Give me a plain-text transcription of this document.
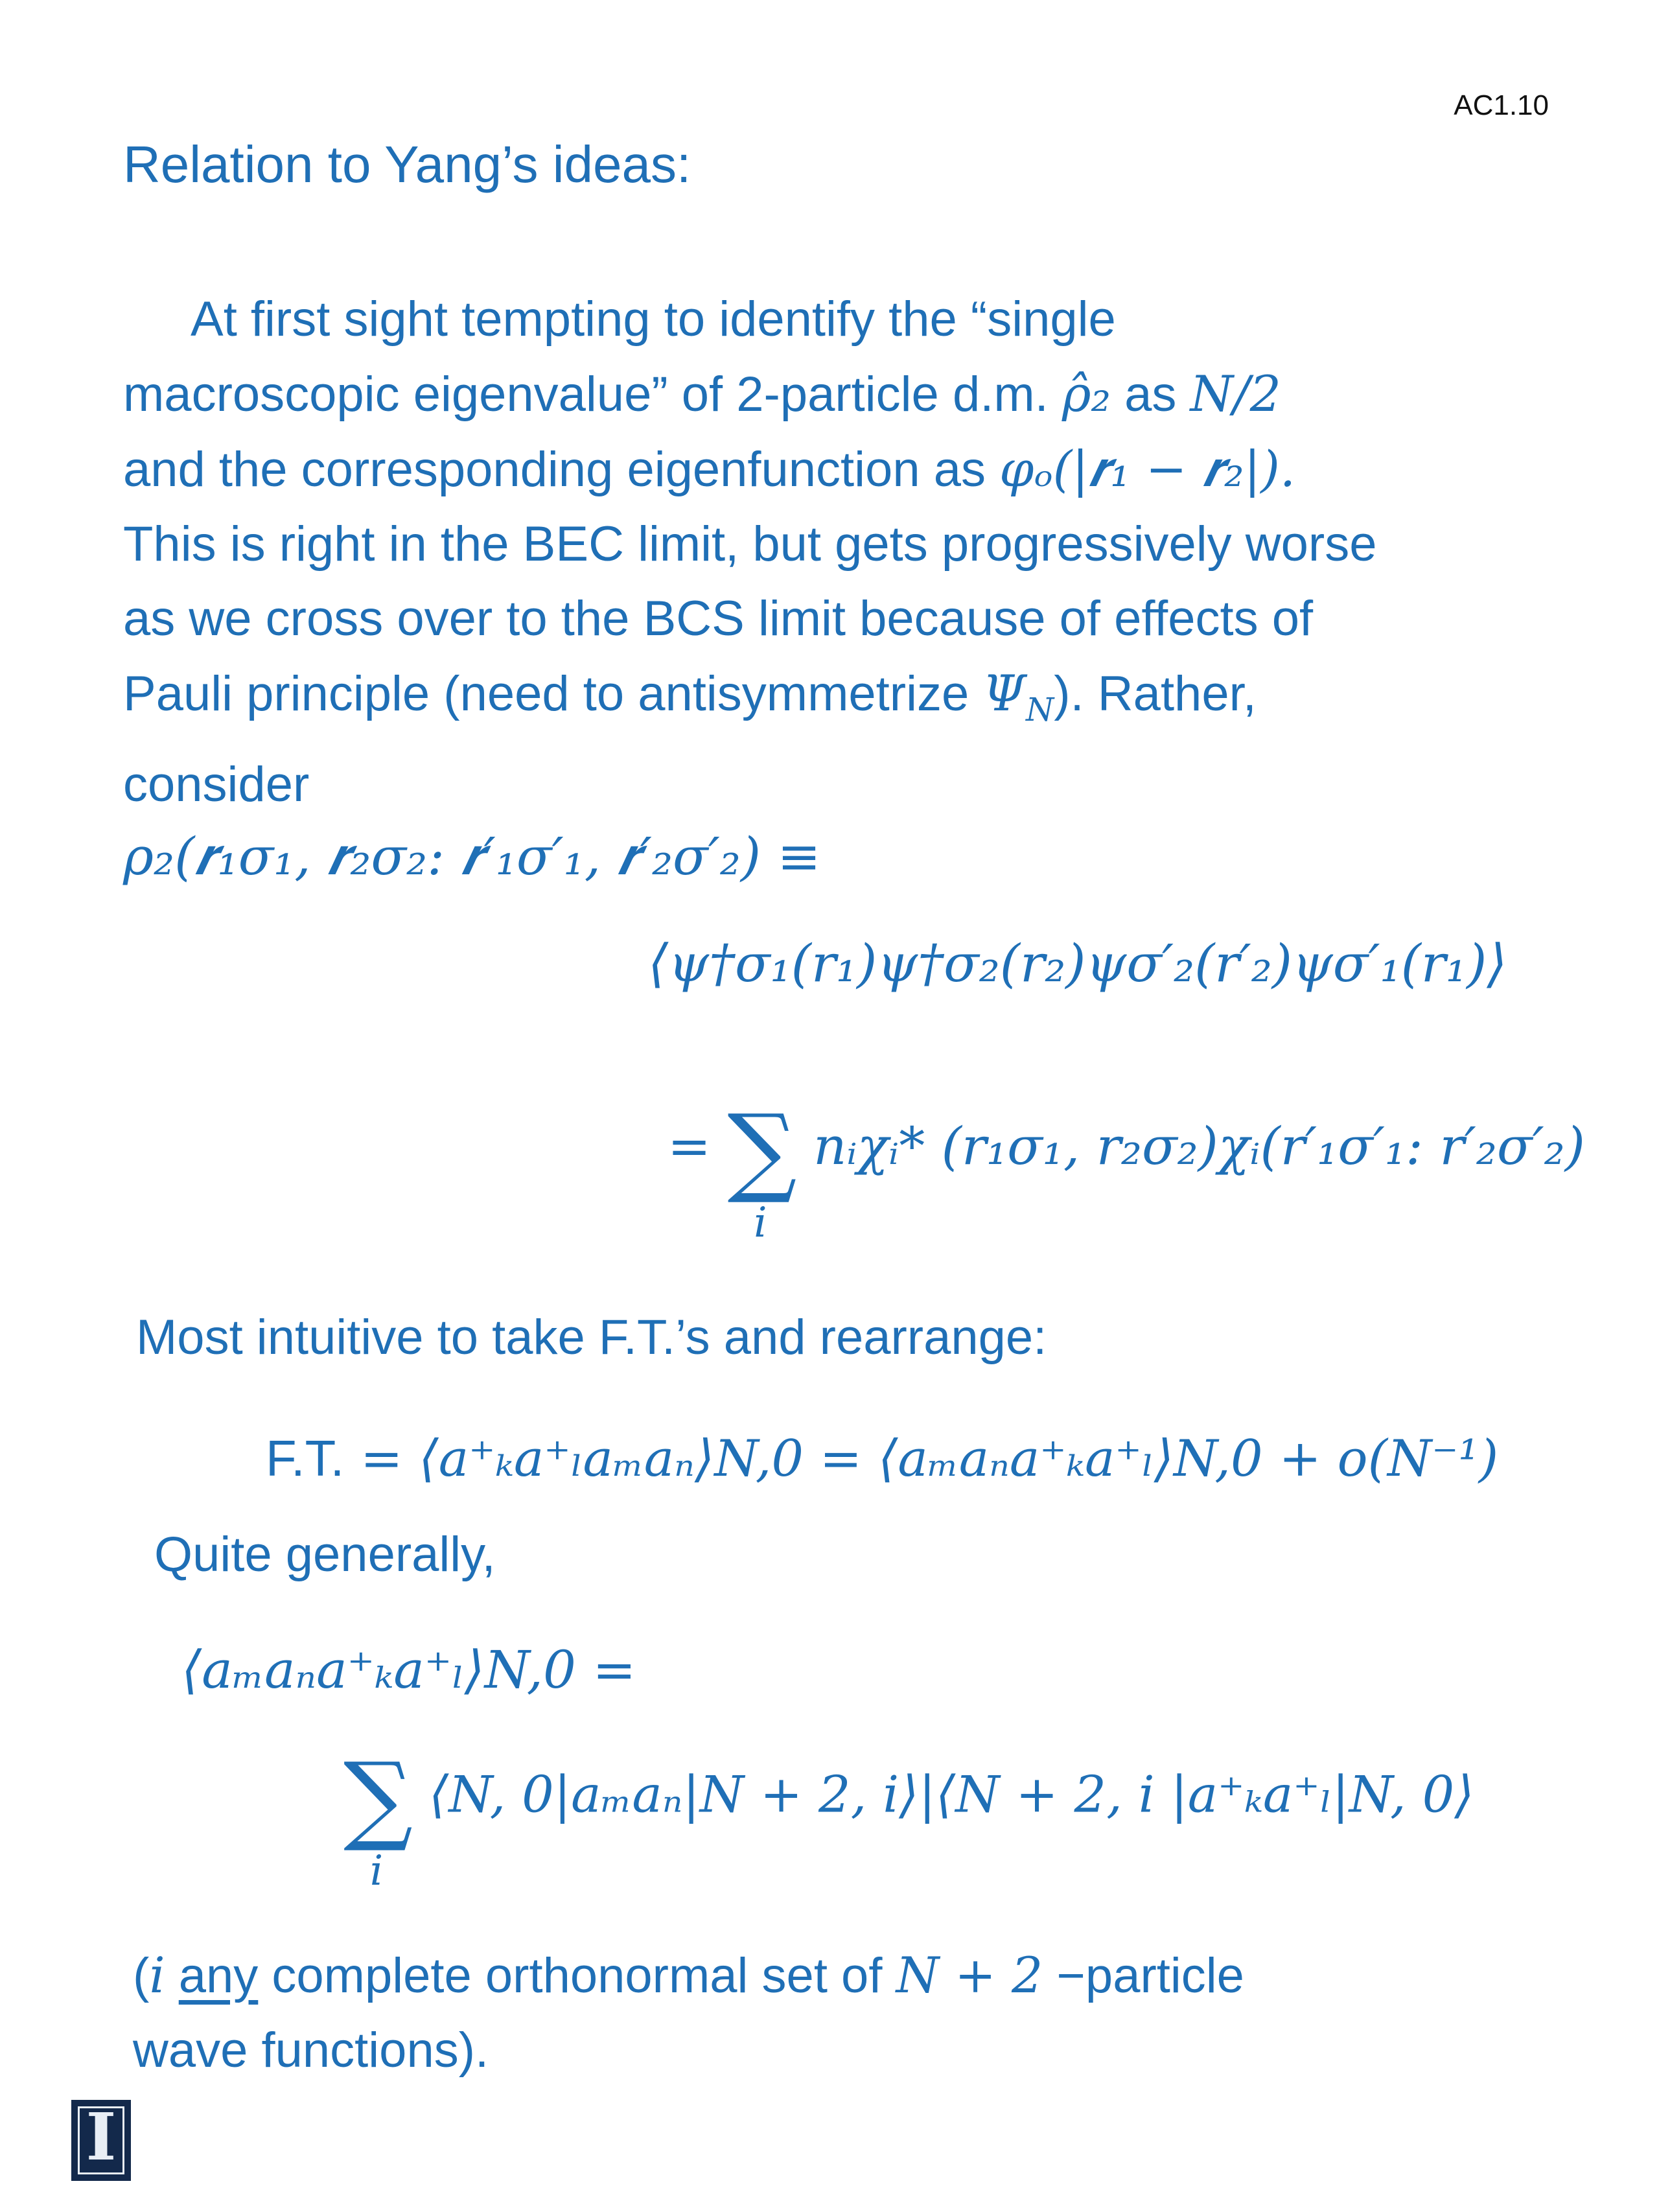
AC1.10
Relation to Yang’s ideas:
At first sight tempting to identify the “single
macroscopic eigenvalue” of 2-particle d.m. ρ̂₂ as N/2
and the corresponding eigenfunction as φₒ(|𝒓₁ − 𝒓₂|).
This is right in the BEC limit, but gets progressively worse
as we cross over to the BCS limit because of effects of
Pauli principle (need to antisymmetrize $\Psi_N$). Rather,
consider
ρ₂(𝒓₁σ₁, 𝒓₂σ₂: 𝒓′₁σ′₁, 𝒓′₂σ′₂) ≡
⟨ψ†σ₁(r₁)ψ†σ₂(r₂)ψσ′₂(r′₂)ψσ′₁(r₁)⟩
= ∑
i
nᵢχᵢ* (r₁σ₁, r₂σ₂)χᵢ(r′₁σ′₁: r′₂σ′₂)
Most intuitive to take F.T.’s and rearrange:
F.T. = ⟨a⁺ₖa⁺ₗaₘaₙ⟩N,0 = ⟨aₘaₙa⁺ₖa⁺ₗ⟩N,0 + o(N⁻¹)
Quite generally,
⟨aₘaₙa⁺ₖa⁺ₗ⟩N,0 =
∑
i
⟨N, 0|aₘaₙ|N + 2, i⟩|⟨N + 2, i |a⁺ₖa⁺ₗ|N, 0⟩
(i any complete orthonormal set of N + 2 −particle
wave functions).
I
